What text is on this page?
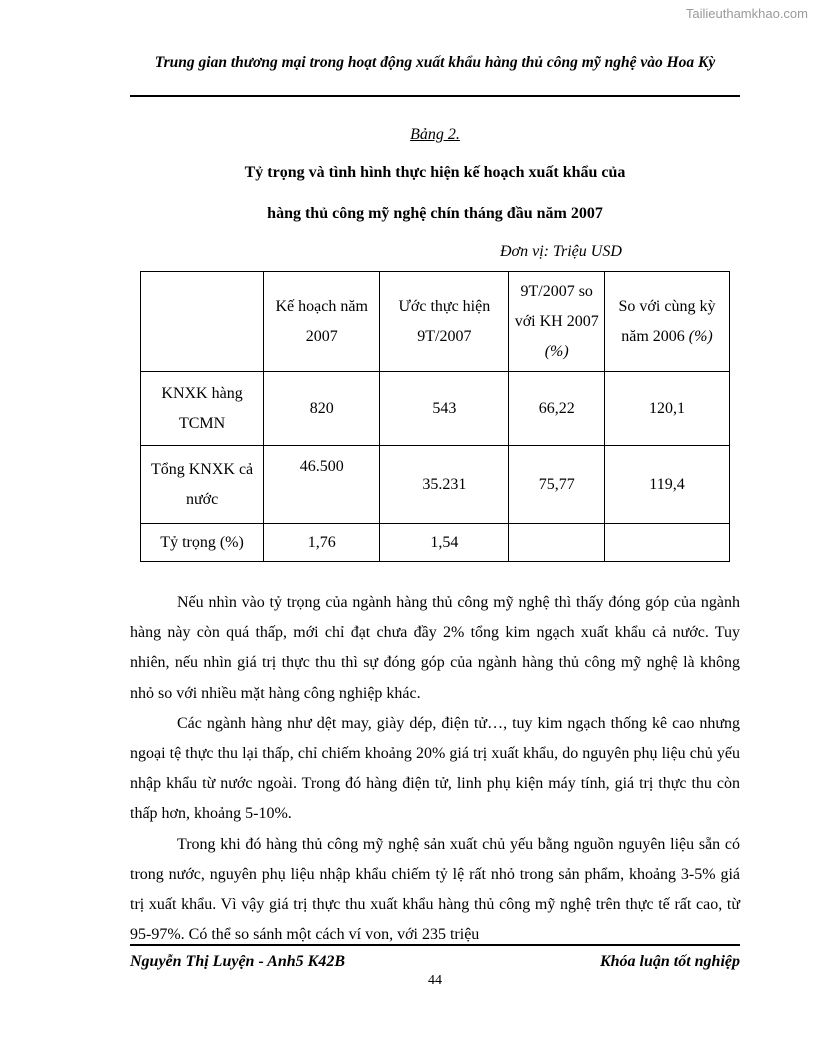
Tailieuthamkhao.com
Trung gian thương mại trong hoạt động xuất khẩu hàng thủ công mỹ nghệ vào Hoa Kỳ
Bảng 2.
Tỷ trọng và tình hình thực hiện kế hoạch xuất khẩu của
hàng thủ công mỹ nghệ chín tháng đầu năm 2007
Đơn vị: Triệu USD
	Kế hoạch năm 2007	Ước thực hiện 9T/2007	9T/2007 so với KH 2007 (%)	So với cùng kỳ năm 2006 (%)
KNXK hàng TCMN	820	543	66,22	120,1
Tổng KNXK cả nước	46.500	35.231	75,77	119,4
Tỷ trọng (%)	1,76	1,54		

Nếu nhìn vào tỷ trọng của ngành hàng thủ công mỹ nghệ thì thấy đóng góp của ngành hàng này còn quá thấp, mới chỉ đạt chưa đầy 2% tổng kim ngạch xuất khẩu cả nước. Tuy nhiên, nếu nhìn giá trị thực thu thì sự đóng góp của ngành hàng thủ công mỹ nghệ là không nhỏ so với nhiều mặt hàng công nghiệp khác.

Các ngành hàng như dệt may, giày dép, điện tử…, tuy kim ngạch thống kê cao nhưng ngoại tệ thực thu lại thấp, chỉ chiếm khoảng 20% giá trị xuất khẩu, do nguyên phụ liệu chủ yếu nhập khẩu từ nước ngoài. Trong đó hàng điện tử, linh phụ kiện máy tính, giá trị thực thu còn thấp hơn, khoảng 5-10%.

Trong khi đó hàng thủ công mỹ nghệ sản xuất chủ yếu bằng nguồn nguyên liệu sẵn có trong nước, nguyên phụ liệu nhập khẩu chiếm tỷ lệ rất nhỏ trong sản phẩm, khoảng 3-5% giá trị xuất khẩu. Vì vậy giá trị thực thu xuất khẩu hàng thủ công mỹ nghệ trên thực tế rất cao, từ 95-97%. Có thể so sánh một cách ví von, với 235 triệu

Nguyễn Thị Luyện - Anh5 K42B	Khóa luận tốt nghiệp
44
